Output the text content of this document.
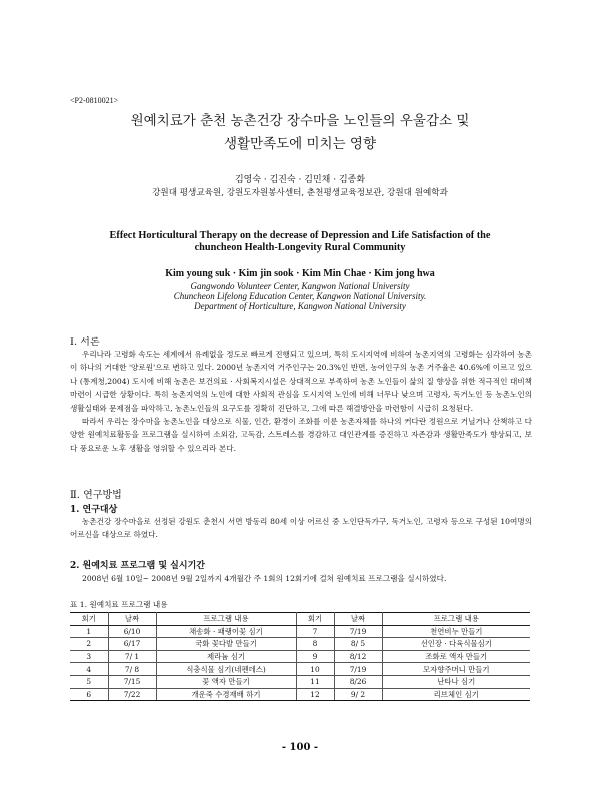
<P2-0810021>
원예치료가 춘천 농촌건강 장수마을 노인들의 우울감소 및
생활만족도에 미치는 영향
김영숙 · 김진숙 · 김민채 · 김종화
강원대 평생교육원, 강원도자원봉사센터, 춘천평생교육정보관, 강원대 원예학과
Effect Horticultural Therapy on the decrease of Depression and Life Satisfaction of the
chuncheon Health-Longevity Rural Community
Kim young suk · Kim jin sook · Kim Min Chae · Kim jong hwa
Gangwondo Volunteer Center, Kangwon National University
Chuncheon Lifelong Education Center, Kangwon National University.
Department of Horticulture, Kangwon National University
Ⅰ. 서론

우리나라 고령화 속도는 세계에서 유례없을 정도로 빠르게 진행되고 있으며, 특히 도시지역에 비하여 농촌지역의 고령화는 심각하여 농촌이 하나의 거대한 '양로원'으로 변하고 있다. 2000년 농촌지역 거주인구는 20.3%인 반면, 농어인구의 농촌 거주율은 40.6%에 이르고 있으나 (통계청,2004) 도시에 비해 농촌은 보건의료 · 사회복지시설은 상대적으로 부족하여 농촌 노인들이 삶의 질 향상을 위한 적극적인 대비책 마련이 시급한 상황이다. 특히 농촌지역의 노인에 대한 사회적 관심을 도시지역 노인에 비해 너무나 낮으며 고령자, 독거노인 등 농촌노인의 생활실태와 문제점을 파악하고, 농촌노인들의 요구도를 정확히 진단하고, 그에 따른 해결방안을 마련함이 시급히 요청된다.

따라서 우리는 장수마을 농촌노인을 대상으로 식물, 인간, 환경이 조화를 이룬 농촌자체를 하나의 커다란 정원으로 거닐거나 산책하고 다양한 원예치료활동을 프로그램을 실시하여 소외감, 고독감, 스트레스를 경감하고 대인관계를 증진하고 자존감과 생활만족도가 향상되고, 보다 풍요로운 노후 생활을 영위할 수 있으리라 본다.

Ⅱ. 연구방법
1. 연구대상

농촌건강 장수마을로 선정된 강원도 춘천시 서면 방동리 80세 이상 어르신 중 노인단독가구, 독거노인, 고령자 등으로 구성된 10여명의 어르신을 대상으로 하였다.

2. 원예치료 프로그램 및 실시기간

2008년 6월 10일~ 2008년 9월 2일까지 4개월간 주 1회의 12회기에 걸쳐 원예치료 프로그램을 실시하였다.

표 1. 원예치료 프로그램 내용
회기	날짜	프로그램 내용	회기	날짜	프로그램 내용
1	6/10	채송화 · 패랭이꽃 심기	7	7/19	천연비누 만들기
2	6/17	국화 꽃다발 만들기	8	8/ 5	선인장 · 다육식물심기
3	7/ 1	제라늄 심기	9	8/12	조화로 액자 만들기
4	7/ 8	식충식물 심기(네펜데스)	10	7/19	모자향주머니 만들기
5	7/15	꽃 액자 만들기	11	8/26	난타나 심기
6	7/22	개운죽 수경재배 하기	12	9/ 2	리브체인 심기
- 100 -
